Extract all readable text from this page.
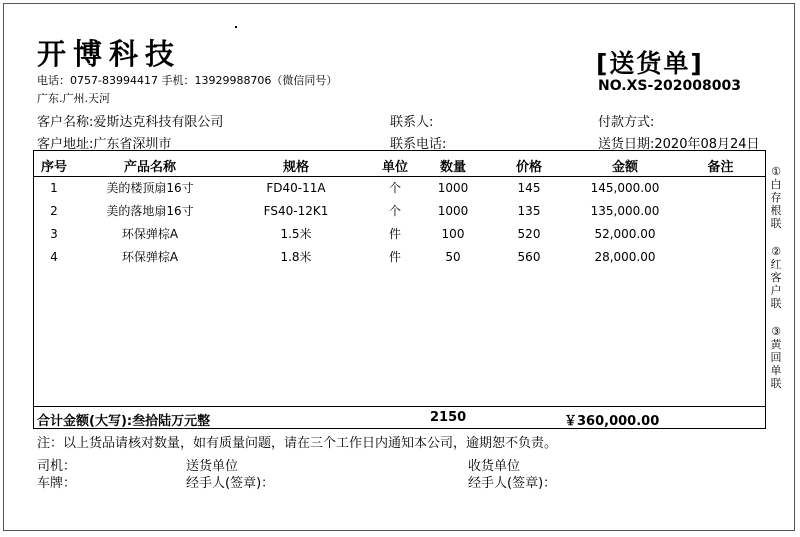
开博科技
电话：0757-83994417 手机：13929988706（微信同号）
广东.广州.天河
[送货单]
NO.XS-202008003
客户名称:爱斯达克科技有限公司	联系人:	付款方式:
客户地址:广东省深圳市	联系电话:	送货日期:2020年08月24日
序号	产品名称	规格	单位	数量	价格	金额	备注
1	美的楼顶扇16寸	FD40-11A	个	1000	145	145,000.00	
2	美的落地扇16寸	FS40-12K1	个	1000	135	135,000.00	
3	环保弹棕A	1.5米	件	100	520	52,000.00	
4	环保弹棕A	1.8米	件	50	560	28,000.00	
合计金额(大写):叁拾陆万元整	2150	￥360,000.00
注：以上货品请核对数量，如有质量问题，请在三个工作日内通知本公司，逾期恕不负责。
司机：
车牌：
送货单位
经手人(签章)：
收货单位
经手人(签章)：
①白存根联
②红客户联
③黄回单联
